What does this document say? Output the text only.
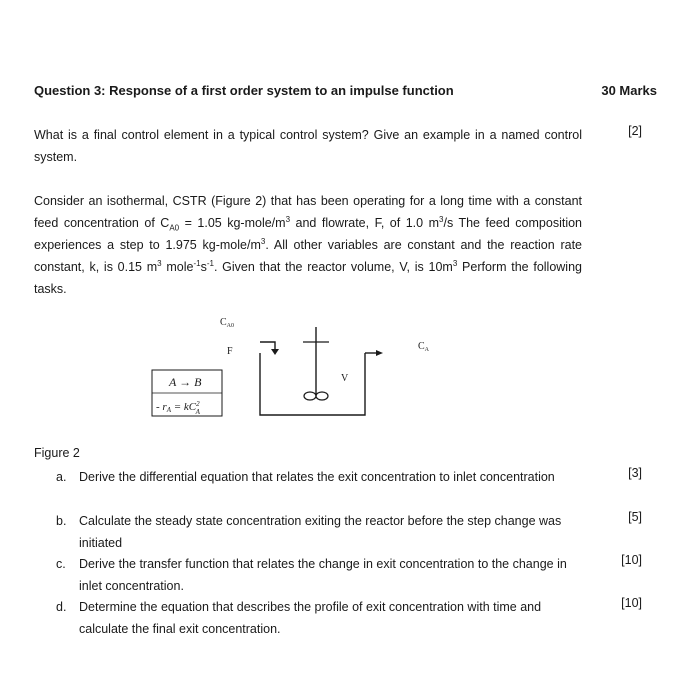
Question 3: Response of a first order system to an impulse function	30 Marks
What is a final control element in a typical control system? Give an example in a named control system.
[2]
Consider an isothermal, CSTR (Figure 2) that has been operating for a long time with a constant feed concentration of $C_{A0} = 1.05$ $kg-mole/m^3$ and flowrate, F, of 1.0 $m^3/s$ The feed composition experiences a step to 1.975 $kg-mole/m^3$. All other variables are constant and the reaction rate constant, k, is 0.15 $m^3$ $mole^{-1}s^{-1}$. Given that the reactor volume, V, is $10m^3$ Perform the following tasks.
$C_{A0}$
F
V
$C_A$
A → B
- rA = $kC^2$ A
Figure 2
a. Derive the differential equation that relates the exit concentration to inlet concentration	[3]
b. Calculate the steady state concentration exiting the reactor before the step change was initiated
[5]
c. Derive the transfer function that relates the change in exit concentration to the change in inlet concentration.
[10]
d. Determine the equation that describes the profile of exit concentration with time and calculate the final exit concentration.
[10]
